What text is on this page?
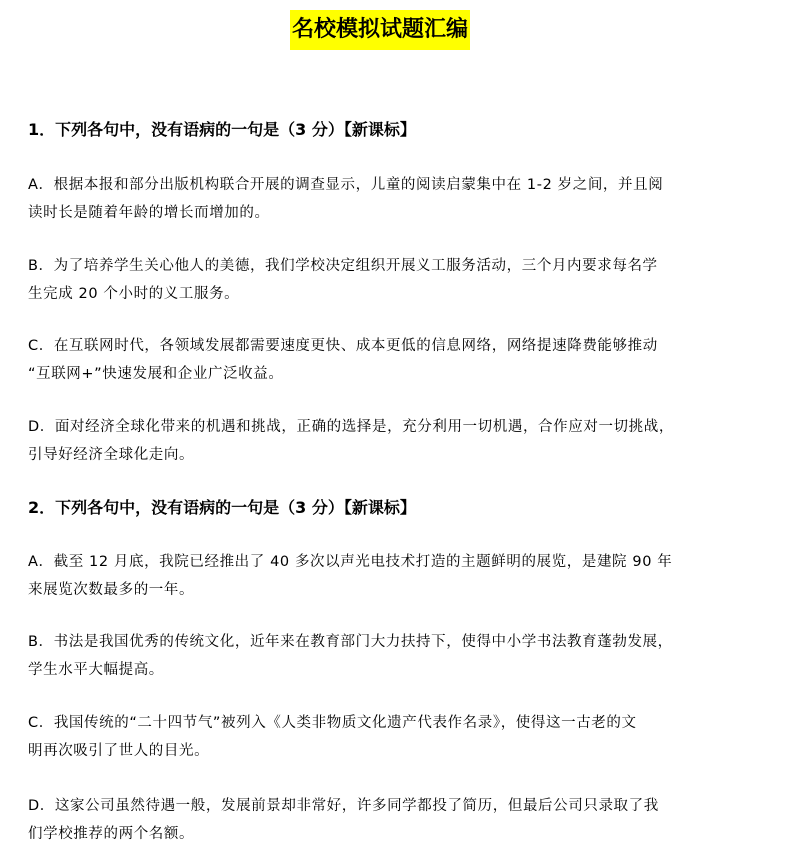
名校模拟试题汇编
1．下列各句中，没有语病的一句是（3 分）【新课标】
A．根据本报和部分出版机构联合开展的调查显示，儿童的阅读启蒙集中在 1-2 岁之间，并且阅
读时长是随着年龄的增长而增加的。
B．为了培养学生关心他人的美德，我们学校决定组织开展义工服务活动，三个月内要求每名学
生完成 20 个小时的义工服务。
C．在互联网时代，各领域发展都需要速度更快、成本更低的信息网络，网络提速降费能够推动
“互联网+”快速发展和企业广泛收益。
D．面对经济全球化带来的机遇和挑战，正确的选择是，充分利用一切机遇，合作应对一切挑战，
引导好经济全球化走向。
2．下列各句中，没有语病的一句是（3 分）【新课标】
A．截至 12 月底，我院已经推出了 40 多次以声光电技术打造的主题鲜明的展览，是建院 90 年
来展览次数最多的一年。
B．书法是我国优秀的传统文化，近年来在教育部门大力扶持下，使得中小学书法教育蓬勃发展，
学生水平大幅提高。
C．我国传统的“二十四节气”被列入《人类非物质文化遗产代表作名录》，使得这一古老的文
明再次吸引了世人的目光。
D．这家公司虽然待遇一般，发展前景却非常好，许多同学都投了简历，但最后公司只录取了我
们学校推荐的两个名额。
